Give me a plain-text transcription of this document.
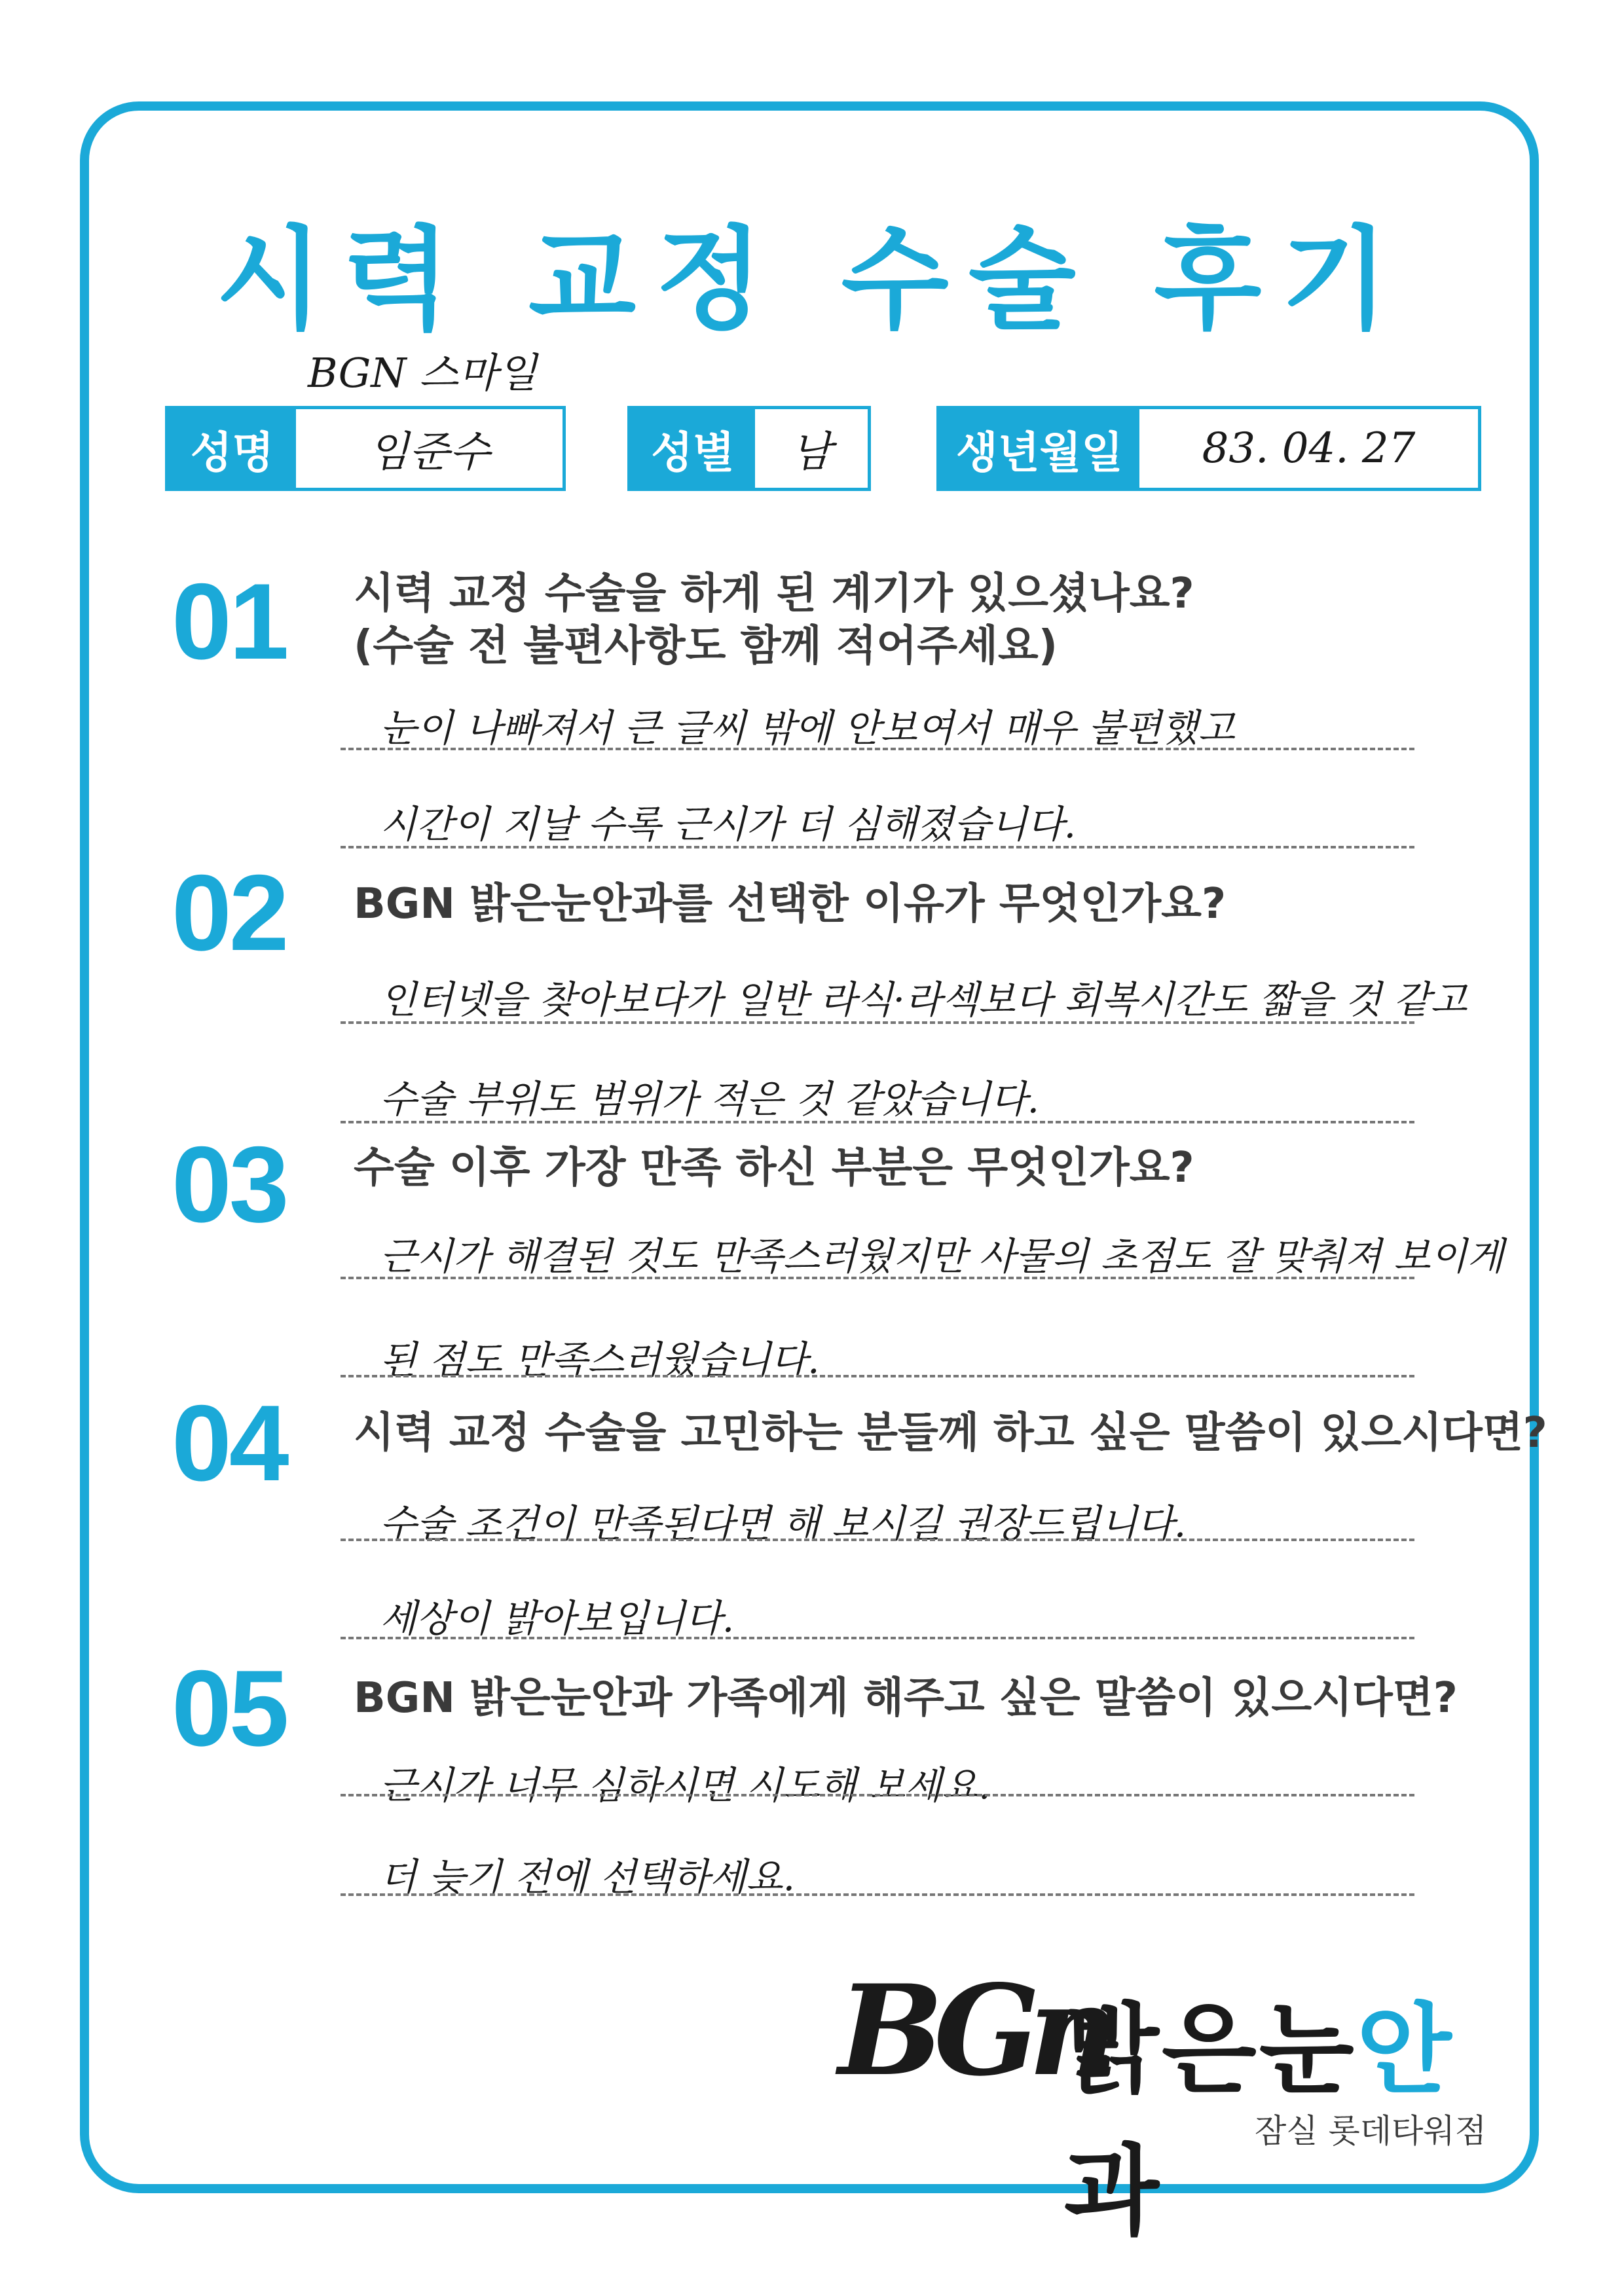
시력 교정 수술 후기
BGN 스마일
성명	임준수	성별	남	생년월일	83. 04. 27
01 시력 교정 수술을 하게 된 계기가 있으셨나요?
(수술 전 불편사항도 함께 적어주세요)
눈이 나빠져서 큰 글씨 밖에 안보여서 매우 불편했고
시간이 지날 수록 근시가 더 심해졌습니다.
02 BGN 밝은눈안과를 선택한 이유가 무엇인가요?
인터넷을 찾아보다가 일반 라식·라섹보다 회복시간도 짧을 것 같고
수술 부위도 범위가 적은 것 같았습니다.
03 수술 이후 가장 만족 하신 부분은 무엇인가요?
근시가 해결된 것도 만족스러웠지만 사물의 초점도 잘 맞춰져 보이게
된 점도 만족스러웠습니다.
04 시력 교정 수술을 고민하는 분들께 하고 싶은 말씀이 있으시다면?
수술 조건이 만족된다면 해 보시길 권장드립니다.
세상이 밝아보입니다.
05 BGN 밝은눈안과 가족에게 해주고 싶은 말씀이 있으시다면?
근시가 너무 심하시면 시도해 보세요.
더 늦기 전에 선택하세요.
BGn
밝은눈안과
잠실 롯데타워점
